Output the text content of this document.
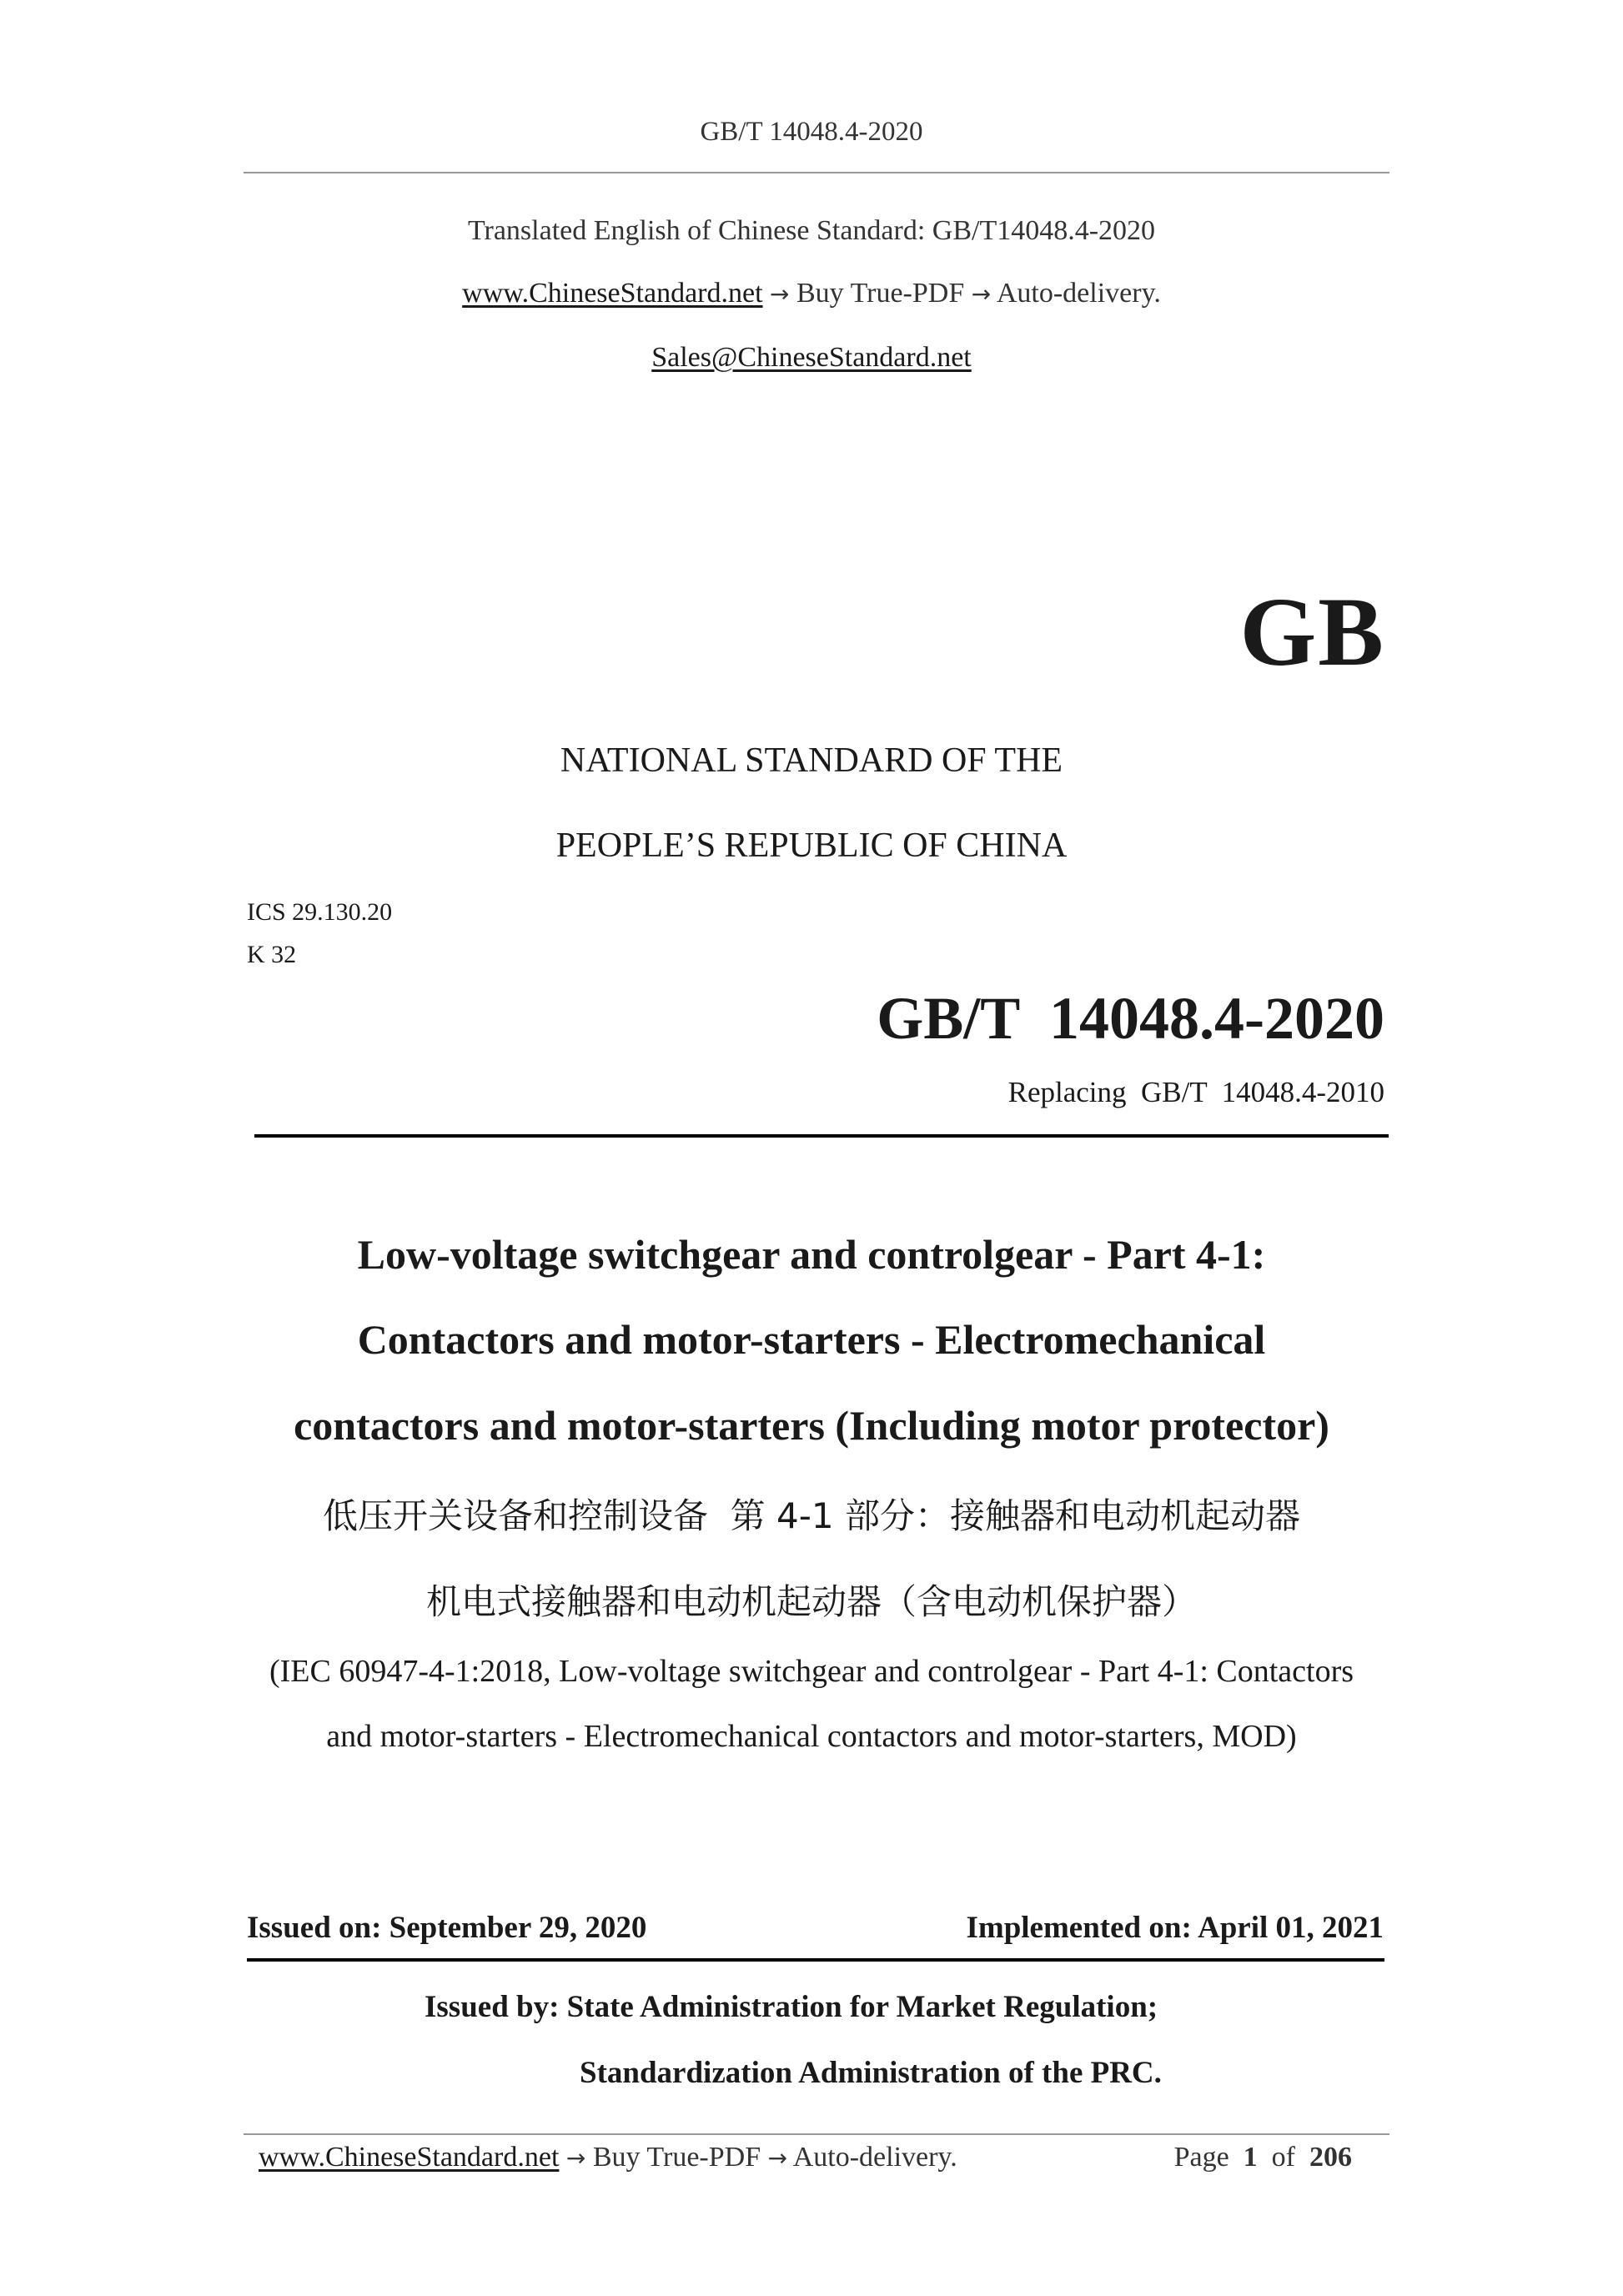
GB/T 14048.4-2020
Translated English of Chinese Standard: GB/T14048.4-2020
www.ChineseStandard.net → Buy True-PDF → Auto-delivery.
Sales@ChineseStandard.net
GB
NATIONAL STANDARD OF THE
PEOPLE’S REPUBLIC OF CHINA
ICS 29.130.20
K 32
GB/T  14048.4-2020
Replacing  GB/T  14048.4-2010
Low-voltage switchgear and controlgear - Part 4-1:
Contactors and motor-starters - Electromechanical
contactors and motor-starters (Including motor protector)
低压开关设备和控制设备  第 4-1 部分：接触器和电动机起动器
机电式接触器和电动机起动器（含电动机保护器）
(IEC 60947-4-1:2018, Low-voltage switchgear and controlgear - Part 4-1: Contactors
and motor-starters - Electromechanical contactors and motor-starters, MOD)
Issued on: September 29, 2020	Implemented on: April 01, 2021
Issued by: State Administration for Market Regulation;
Standardization Administration of the PRC.
www.ChineseStandard.net → Buy True-PDF → Auto-delivery.	Page 1 of 206
